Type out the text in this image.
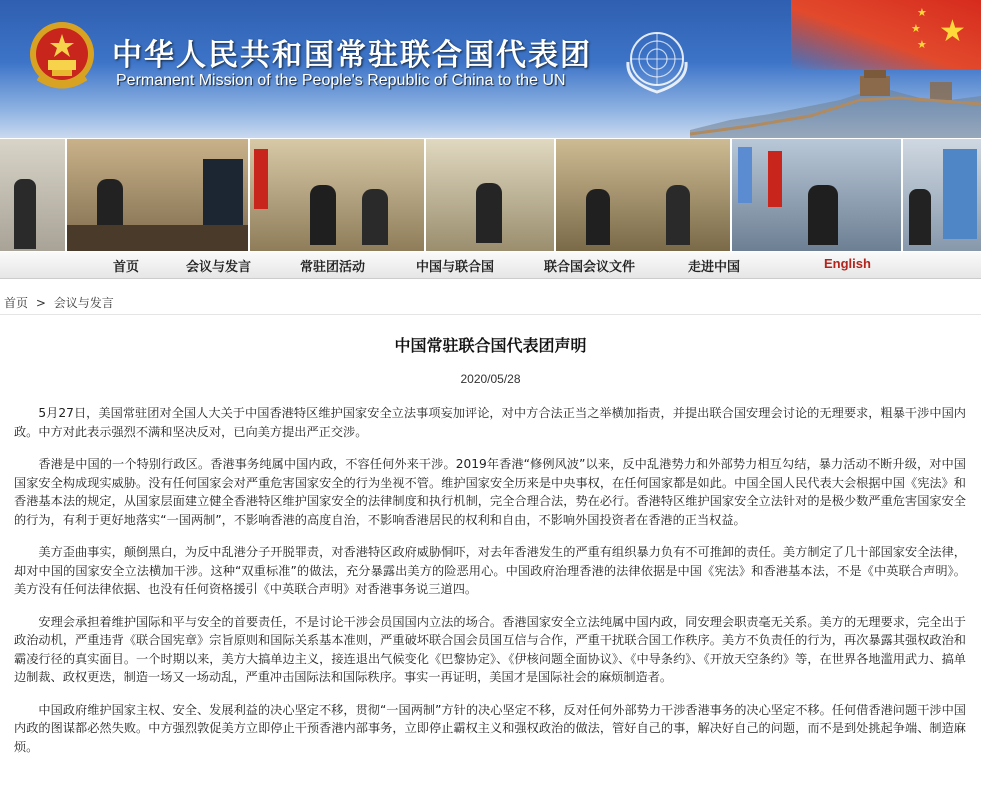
★
★
★
★
中华人民共和国常驻联合国代表团
Permanent Mission of the People's Republic of China to the UN
首页	会议与发言	常驻团活动	中国与联合国	联合国会议文件	走进中国	English
首页 > 会议与发言
中国常驻联合国代表团声明
2020/05/28

5月27日，美国常驻团对全国人大关于中国香港特区维护国家安全立法事项妄加评论，对中方合法正当之举横加指责，并提出联合国安理会讨论的无理要求，粗暴干涉中国内政。中方对此表示强烈不满和坚决反对，已向美方提出严正交涉。

香港是中国的一个特别行政区。香港事务纯属中国内政，不容任何外来干涉。2019年香港“修例风波”以来，反中乱港势力和外部势力相互勾结，暴力活动不断升级，对中国国家安全构成现实威胁。没有任何国家会对严重危害国家安全的行为坐视不管。维护国家安全历来是中央事权，在任何国家都是如此。中国全国人民代表大会根据中国《宪法》和香港基本法的规定，从国家层面建立健全香港特区维护国家安全的法律制度和执行机制，完全合理合法，势在必行。香港特区维护国家安全立法针对的是极少数严重危害国家安全的行为，有利于更好地落实“一国两制”，不影响香港的高度自治，不影响香港居民的权利和自由，不影响外国投资者在香港的正当权益。

美方歪曲事实，颠倒黑白，为反中乱港分子开脱罪责，对香港特区政府威胁恫吓，对去年香港发生的严重有组织暴力负有不可推卸的责任。美方制定了几十部国家安全法律，却对中国的国家安全立法横加干涉。这种“双重标准”的做法，充分暴露出美方的险恶用心。中国政府治理香港的法律依据是中国《宪法》和香港基本法，不是《中英联合声明》。美方没有任何法律依据、也没有任何资格援引《中英联合声明》对香港事务说三道四。

安理会承担着维护国际和平与安全的首要责任，不是讨论干涉会员国国内立法的场合。香港国家安全立法纯属中国内政，同安理会职责毫无关系。美方的无理要求，完全出于政治动机，严重违背《联合国宪章》宗旨原则和国际关系基本准则，严重破坏联合国会员国互信与合作，严重干扰联合国工作秩序。美方不负责任的行为，再次暴露其强权政治和霸凌行径的真实面目。一个时期以来，美方大搞单边主义，接连退出气候变化《巴黎协定》、《伊核问题全面协议》、《中导条约》、《开放天空条约》等，在世界各地滥用武力、搞单边制裁、政权更迭，制造一场又一场动乱，严重冲击国际法和国际秩序。事实一再证明，美国才是国际社会的麻烦制造者。

中国政府维护国家主权、安全、发展利益的决心坚定不移，贯彻“一国两制”方针的决心坚定不移，反对任何外部势力干涉香港事务的决心坚定不移。任何借香港问题干涉中国内政的图谋都必然失败。中方强烈敦促美方立即停止干预香港内部事务，立即停止霸权主义和强权政治的做法，管好自己的事，解决好自己的问题，而不是到处挑起争端、制造麻烦。
